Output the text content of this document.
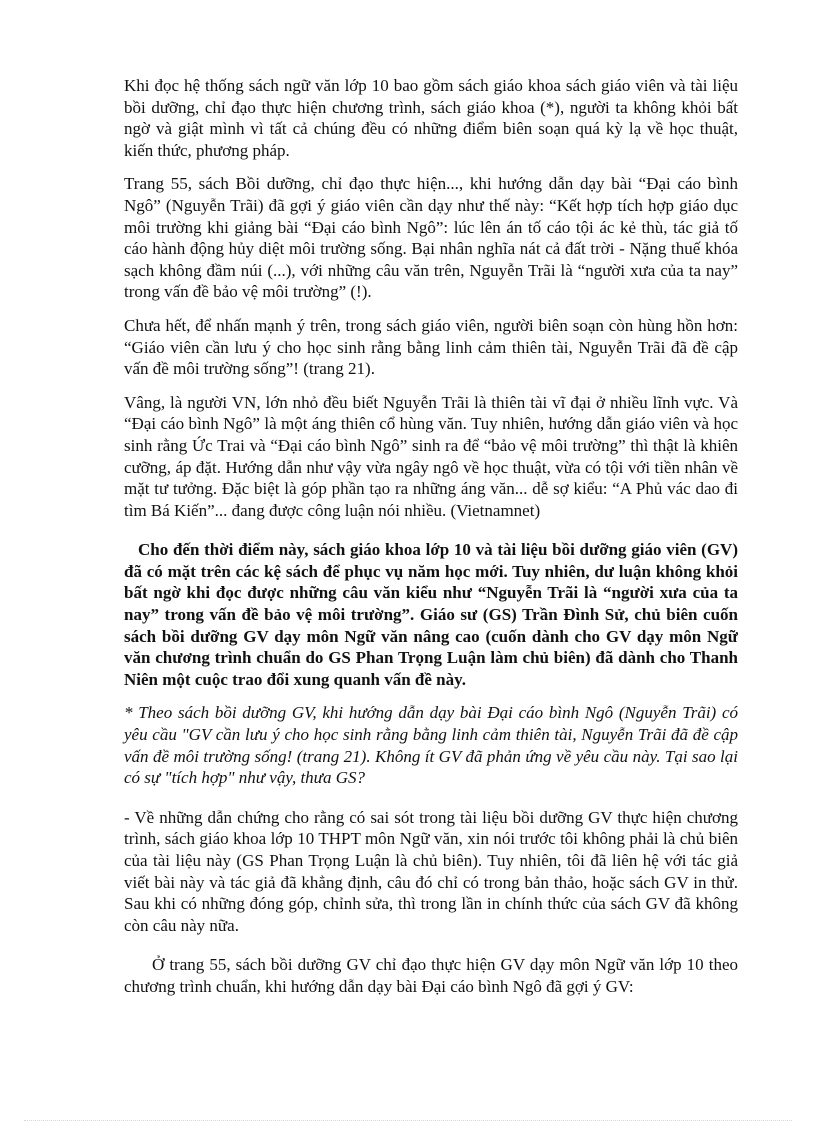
Khi đọc hệ thống sách ngữ văn lớp 10 bao gồm sách giáo khoa sách giáo viên và tài liệu bồi dưỡng, chỉ đạo thực hiện chương trình, sách giáo khoa (*), người ta không khỏi bất ngờ và giật mình vì tất cả chúng đều có những điểm biên soạn quá kỳ lạ về học thuật, kiến thức, phương pháp.

Trang 55, sách Bồi dưỡng, chỉ đạo thực hiện..., khi hướng dẫn dạy bài “Đại cáo bình Ngô” (Nguyễn Trãi) đã gợi ý giáo viên cần dạy như thế này: “Kết hợp tích hợp giáo dục môi trường khi giảng bài “Đại cáo bình Ngô”: lúc lên án tố cáo tội ác kẻ thù, tác giả tố cáo hành động hủy diệt môi trường sống. Bại nhân nghĩa nát cả đất trời - Nặng thuế khóa sạch không đầm núi (...), với những câu văn trên, Nguyễn Trãi là “người xưa của ta nay” trong vấn đề bảo vệ môi trường” (!).

Chưa hết, để nhấn mạnh ý trên, trong sách giáo viên, người biên soạn còn hùng hồn hơn: “Giáo viên cần lưu ý cho học sinh rằng bằng linh cảm thiên tài, Nguyễn Trãi đã đề cập vấn đề môi trường sống”! (trang 21).

Vâng, là người VN, lớn nhỏ đều biết Nguyễn Trãi là thiên tài vĩ đại ở nhiều lĩnh vực. Và “Đại cáo bình Ngô” là một áng thiên cổ hùng văn. Tuy nhiên, hướng dẫn giáo viên và học sinh rằng Ức Trai và “Đại cáo bình Ngô” sinh ra để “bảo vệ môi trường” thì thật là khiên cưỡng, áp đặt. Hướng dẫn như vậy vừa ngây ngô về học thuật, vừa có tội với tiền nhân về mặt tư tưởng. Đặc biệt là góp phần tạo ra những áng văn... dễ sợ kiểu: “A Phủ vác dao đi tìm Bá Kiến”... đang được công luận nói nhiều. (Vietnamnet)

Cho đến thời điểm này, sách giáo khoa lớp 10 và tài liệu bồi dưỡng giáo viên (GV) đã có mặt trên các kệ sách để phục vụ năm học mới. Tuy nhiên, dư luận không khỏi bất ngờ khi đọc được những câu văn kiểu như “Nguyễn Trãi là “người xưa của ta nay” trong vấn đề bảo vệ môi trường”. Giáo sư (GS) Trần Đình Sử, chủ biên cuốn sách bồi dưỡng GV dạy môn Ngữ văn nâng cao (cuốn dành cho GV dạy môn Ngữ văn chương trình chuẩn do GS Phan Trọng Luận làm chủ biên) đã dành cho Thanh Niên một cuộc trao đổi xung quanh vấn đề này.

* Theo sách bồi dưỡng GV, khi hướng dẫn dạy bài Đại cáo bình Ngô (Nguyễn Trãi) có yêu cầu "GV cần lưu ý cho học sinh rằng bằng linh cảm thiên tài, Nguyễn Trãi đã đề cập vấn đề môi trường sống! (trang 21). Không ít GV đã phản ứng về yêu cầu này. Tại sao lại có sự "tích hợp" như vậy, thưa GS?

- Về những dẫn chứng cho rằng có sai sót trong tài liệu bồi dưỡng GV thực hiện chương trình, sách giáo khoa lớp 10 THPT môn Ngữ văn, xin nói trước tôi không phải là chủ biên của tài liệu này (GS Phan Trọng Luận là chủ biên). Tuy nhiên, tôi đã liên hệ với tác giả viết bài này và tác giả đã khẳng định, câu đó chỉ có trong bản thảo, hoặc sách GV in thử. Sau khi có những đóng góp, chỉnh sửa, thì trong lần in chính thức của sách GV đã không còn câu này nữa.

Ở trang 55, sách bồi dưỡng GV chỉ đạo thực hiện GV dạy môn Ngữ văn lớp 10 theo chương trình chuẩn, khi hướng dẫn dạy bài Đại cáo bình Ngô đã gợi ý GV:
